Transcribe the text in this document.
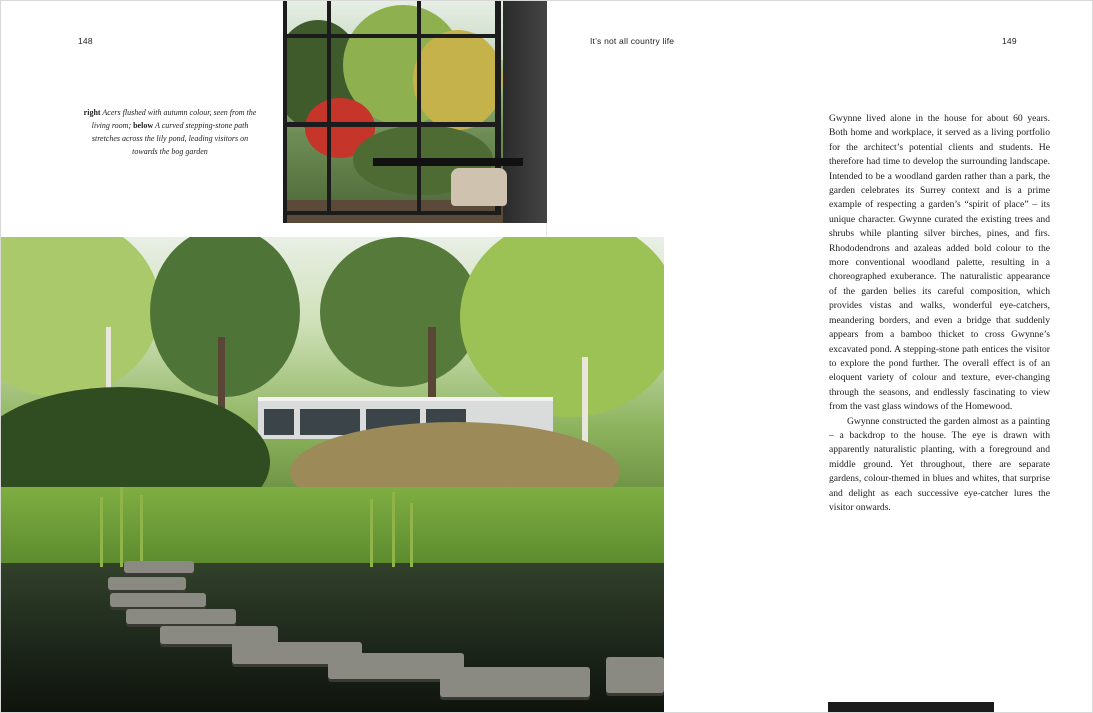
148	It’s not all country life	149
right Acers flushed with autumn colour, seen from the living room; below A curved stepping-stone path stretches across the lily pond, leading visitors on towards the bog garden

Gwynne lived alone in the house for about 60 years. Both home and workplace, it served as a living portfolio for the architect’s potential clients and students. He therefore had time to develop the surrounding landscape. Intended to be a woodland garden rather than a park, the garden celebrates its Surrey context and is a prime example of respecting a garden’s “spirit of place” – its unique character. Gwynne curated the existing trees and shrubs while planting silver birches, pines, and firs. Rhododendrons and azaleas added bold colour to the more conventional woodland palette, resulting in a choreographed exuberance. The naturalistic appearance of the garden belies its careful composition, which provides vistas and walks, wonderful eye-catchers, meandering borders, and even a bridge that suddenly appears from a bamboo thicket to cross Gwynne’s excavated pond. A stepping-stone path entices the visitor to explore the pond further. The overall effect is of an eloquent variety of colour and texture, ever-changing through the seasons, and endlessly fascinating to view from the vast glass windows of the Homewood.

Gwynne constructed the garden almost as a painting – a backdrop to the house. The eye is drawn with apparently naturalistic planting, with a foreground and middle ground. Yet throughout, there are separate gardens, colour-themed in blues and whites, that surprise and delight as each successive eye-catcher lures the visitor onwards.
